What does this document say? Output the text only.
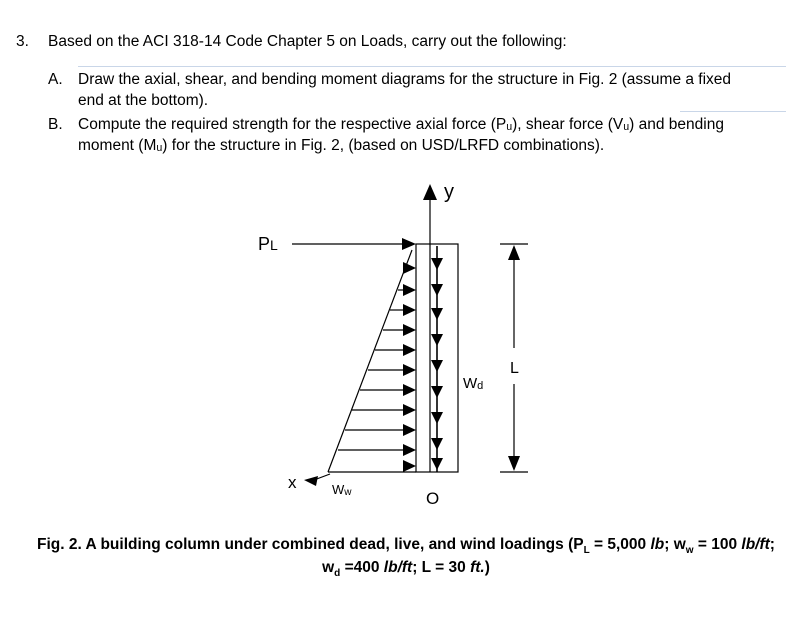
3. Based on the ACI 318-14 Code Chapter 5 on Loads, carry out the following:
A. Draw the axial, shear, and bending moment diagrams for the structure in Fig. 2 (assume a fixed
end at the bottom).
B. Compute the required strength for the respective axial force (Pᵤ), shear force (Vᵤ) and bending
moment (Mᵤ) for the structure in Fig. 2, (based on USD/LRFD combinations).
y
Wd
PL
Ww
x
O
L
Fig. 2. A building column under combined dead, live, and wind loadings ($P_L = 5,000$ lb; $w_w = 100$ lb/ft;
$w_d =400$ lb/ft; L = 30 ft.)
